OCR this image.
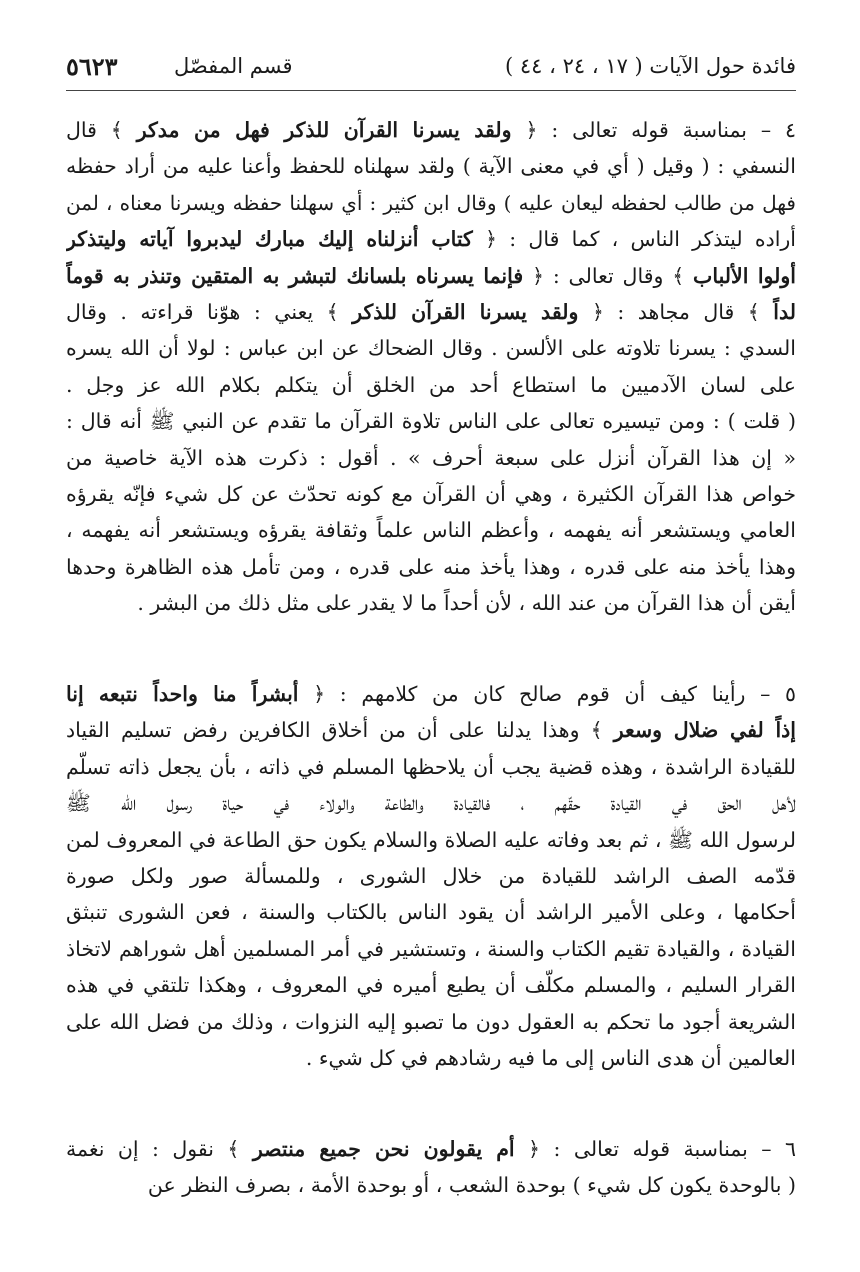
فائدة حول الآيات ( ١٧ ، ٢٤ ، ٤٤ )
قسم المفصّل
٥٦٢٣
٤ – بمناسبة قوله تعالى : ﴿ ولقد يسرنا القرآن للذكر فهل من مدكر ﴾ قال
النسفي : ( وقيل ( أي في معنى الآية ) ولقد سهلناه للحفظ وأعنا عليه من أراد حفظه
فهل من طالب لحفظه ليعان عليه ) وقال ابن كثير : أي سهلنا حفظه ويسرنا معناه ، لمن
أراده ليتذكر الناس ، كما قال : ﴿ كتاب أنزلناه إليك مبارك ليدبروا آياته وليتذكر
أولوا الألباب ﴾ وقال تعالى : ﴿ فإنما يسرناه بلسانك لتبشر به المتقين وتنذر به قوماً
لداً ﴾ قال مجاهد : ﴿ ولقد يسرنا القرآن للذكر ﴾ يعني : هوّنا قراءته . وقال
السدي : يسرنا تلاوته على الألسن . وقال الضحاك عن ابن عباس : لولا أن الله يسره
على لسان الآدميين ما استطاع أحد من الخلق أن يتكلم بكلام الله عز وجل .
( قلت ) : ومن تيسيره تعالى على الناس تلاوة القرآن ما تقدم عن النبي ﷺ أنه قال :
« إن هذا القرآن أنزل على سبعة أحرف » . أقول : ذكرت هذه الآية خاصية من
خواص هذا القرآن الكثيرة ، وهي أن القرآن مع كونه تحدّث عن كل شيء فإنّه يقرؤه
العامي ويستشعر أنه يفهمه ، وأعظم الناس علماً وثقافة يقرؤه ويستشعر أنه يفهمه ،
وهذا يأخذ منه على قدره ، وهذا يأخذ منه على قدره ، ومن تأمل هذه الظاهرة وحدها
أيقن أن هذا القرآن من عند الله ، لأن أحداً ما لا يقدر على مثل ذلك من البشر .
٥ – رأينا كيف أن قوم صالح كان من كلامهم : ﴿ أبشراً منا واحداً نتبعه إنا
إذاً لفي ضلال وسعر ﴾ وهذا يدلنا على أن من أخلاق الكافرين رفض تسليم القياد
للقيادة الراشدة ، وهذه قضية يجب أن يلاحظها المسلم في ذاته ، بأن يجعل ذاته تسلّم
لأهل الحق في القيادة حقّهم ، فالقيادة والطاعة والولاء في حياة رسول الله ﷺ
لرسول الله ﷺ ، ثم بعد وفاته عليه الصلاة والسلام يكون حق الطاعة في المعروف لمن
قدّمه الصف الراشد للقيادة من خلال الشورى ، وللمسألة صور ولكل صورة
أحكامها ، وعلى الأمير الراشد أن يقود الناس بالكتاب والسنة ، فعن الشورى تنبثق
القيادة ، والقيادة تقيم الكتاب والسنة ، وتستشير في أمر المسلمين أهل شوراهم لاتخاذ
القرار السليم ، والمسلم مكلّف أن يطيع أميره في المعروف ، وهكذا تلتقي في هذه
الشريعة أجود ما تحكم به العقول دون ما تصبو إليه النزوات ، وذلك من فضل الله على
العالمين أن هدى الناس إلى ما فيه رشادهم في كل شيء .
٦ – بمناسبة قوله تعالى : ﴿ أم يقولون نحن جميع منتصر ﴾ نقول : إن نغمة
( بالوحدة يكون كل شيء ) بوحدة الشعب ، أو بوحدة الأمة ، بصرف النظر عن
